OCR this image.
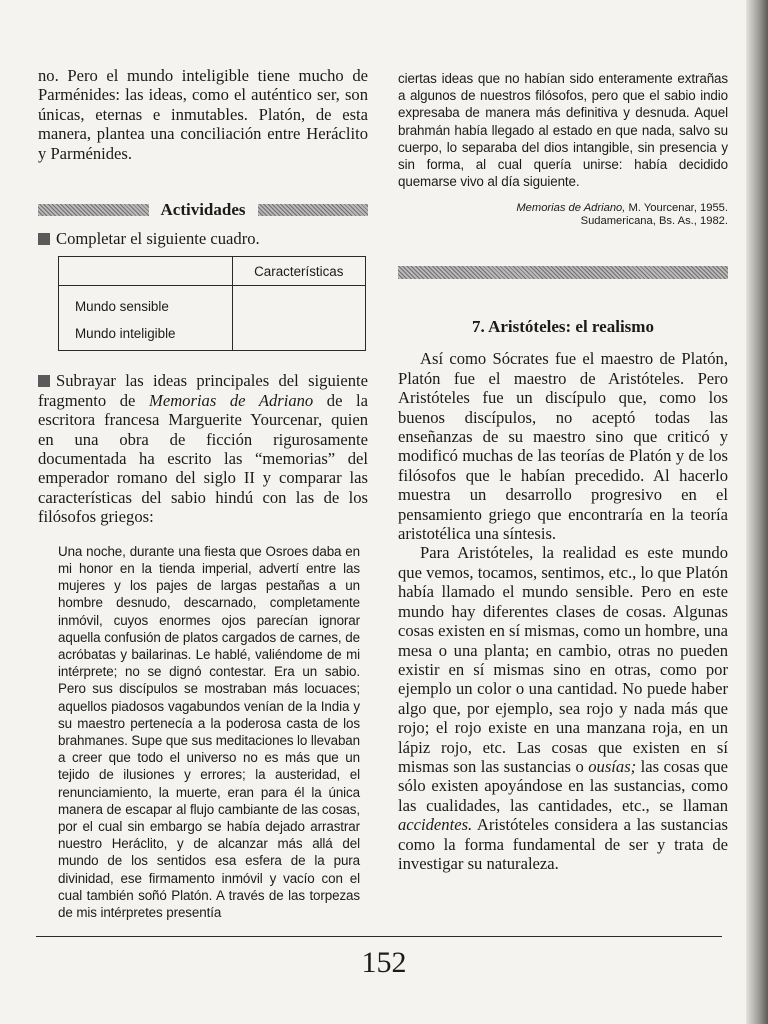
no. Pero el mundo inteligible tiene mucho de Parménides: las ideas, como el auténtico ser, son únicas, eternas e inmutables. Platón, de esta manera, plantea una conciliación entre Heráclito y Parménides.

Actividades

Completar el siguiente cuadro.

	Características
Mundo sensible	
Mundo inteligible	

Subrayar las ideas principales del siguiente fragmento de Memorias de Adriano de la escritora francesa Marguerite Yourcenar, quien en una obra de ficción rigurosamente documentada ha escrito las “memorias” del emperador romano del siglo II y comparar las características del sabio hindú con las de los filósofos griegos:

Una noche, durante una fiesta que Osroes daba en mi honor en la tienda imperial, advertí entre las mujeres y los pajes de largas pestañas a un hombre desnudo, descarnado, completamente inmóvil, cuyos enormes ojos parecían ignorar aquella confusión de platos cargados de carnes, de acróbatas y bailarinas. Le hablé, valiéndome de mi intérprete; no se dignó contestar. Era un sabio. Pero sus discípulos se mostraban más locuaces; aquellos piadosos vagabundos venían de la India y su maestro pertenecía a la poderosa casta de los brahmanes. Supe que sus meditaciones lo llevaban a creer que todo el universo no es más que un tejido de ilusiones y errores; la austeridad, el renunciamiento, la muerte, eran para él la única manera de escapar al flujo cambiante de las cosas, por el cual sin embargo se había dejado arrastrar nuestro Heráclito, y de alcanzar más allá del mundo de los sentidos esa esfera de la pura divinidad, ese firmamento inmóvil y vacío con el cual también soñó Platón. A través de las torpezas de mis intérpretes presentía

ciertas ideas que no habían sido enteramente extrañas a algunos de nuestros filósofos, pero que el sabio indio expresaba de manera más definitiva y desnuda. Aquel brahmán había llegado al estado en que nada, salvo su cuerpo, lo separaba del dios intangible, sin presencia y sin forma, al cual quería unirse: había decidido quemarse vivo al día siguiente.

Memorias de Adriano, M. Yourcenar, 1955.
Sudamericana, Bs. As., 1982.
7. Aristóteles: el realismo

Así como Sócrates fue el maestro de Platón, Platón fue el maestro de Aristóteles. Pero Aristóteles fue un discípulo que, como los buenos discípulos, no aceptó todas las enseñanzas de su maestro sino que criticó y modificó muchas de las teorías de Platón y de los filósofos que le habían precedido. Al hacerlo muestra un desarrollo progresivo en el pensamiento griego que encontraría en la teoría aristotélica una síntesis.

Para Aristóteles, la realidad es este mundo que vemos, tocamos, sentimos, etc., lo que Platón había llamado el mundo sensible. Pero en este mundo hay diferentes clases de cosas. Algunas cosas existen en sí mismas, como un hombre, una mesa o una planta; en cambio, otras no pueden existir en sí mismas sino en otras, como por ejemplo un color o una cantidad. No puede haber algo que, por ejemplo, sea rojo y nada más que rojo; el rojo existe en una manzana roja, en un lápiz rojo, etc. Las cosas que existen en sí mismas son las sustancias o ousías; las cosas que sólo existen apoyándose en las sustancias, como las cualidades, las cantidades, etc., se llaman accidentes. Aristóteles considera a las sustancias como la forma fundamental de ser y trata de investigar su naturaleza.

152
